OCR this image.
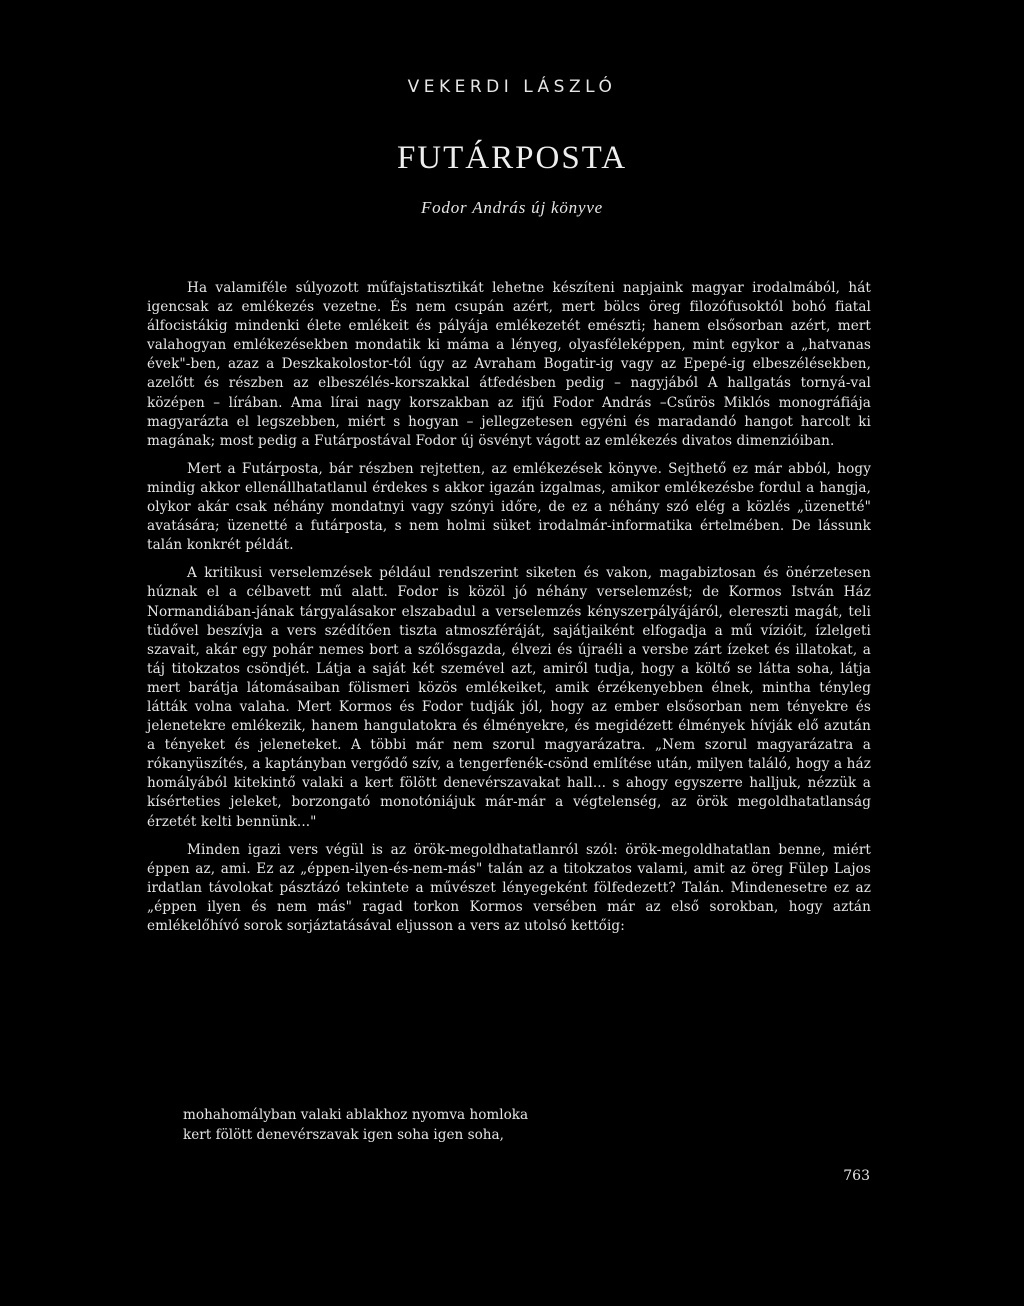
VEKERDI LÁSZLÓ
FUTÁRPOSTA
Fodor András új könyve

Ha valamiféle súlyozott műfajstatisztikát lehetne készíteni napjaink magyar irodalmából, hát igencsak az emlékezés vezetne. És nem csupán azért, mert bölcs öreg filozófusoktól bohó fiatal álfocistákig mindenki élete emlékeit és pályája emlékezetét emészti; hanem elsősorban azért, mert valahogyan emlékezésekben mondatik ki máma a lényeg, olyasféleképpen, mint egykor a „hatvanas évek"-ben, azaz a Deszkakolostor-tól úgy az Avraham Bogatir-ig vagy az Epepé-ig elbeszélésekben, azelőtt és részben az elbeszélés-korszakkal átfedésben pedig – nagyjából A hallgatás tornyá-val középen – lírában. Ama lírai nagy korszakban az ifjú Fodor András –Csűrös Miklós monográfiája magyarázta el legszebben, miért s hogyan – jellegzetesen egyéni és maradandó hangot harcolt ki magának; most pedig a Futárpostával Fodor új ösvényt vágott az emlékezés divatos dimenzióiban.

Mert a Futárposta, bár részben rejtetten, az emlékezések könyve. Sejthető ez már abból, hogy mindig akkor ellenállhatatlanul érdekes s akkor igazán izgalmas, amikor emlékezésbe fordul a hangja, olykor akár csak néhány mondatnyi vagy szónyi időre, de ez a néhány szó elég a közlés „üzenetté" avatására; üzenetté a futárposta, s nem holmi süket irodalmár-informatika értelmében. De lássunk talán konkrét példát.

A kritikusi verselemzések például rendszerint siketen és vakon, magabiztosan és önérzetesen húznak el a célbavett mű alatt. Fodor is közöl jó néhány verselemzést; de Kormos István Ház Normandiában-jának tárgyalásakor elszabadul a verselemzés kényszerpályájáról, elereszti magát, teli tüdővel beszívja a vers szédítően tiszta atmoszféráját, sajátjaiként elfogadja a mű vízióit, ízlelgeti szavait, akár egy pohár nemes bort a szőlősgazda, élvezi és újraéli a versbe zárt ízeket és illatokat, a táj titokzatos csöndjét. Látja a saját két szemével azt, amiről tudja, hogy a költő se látta soha, látja mert barátja látomásaiban fölismeri közös emlékeiket, amik érzékenyebben élnek, mintha tényleg látták volna valaha. Mert Kormos és Fodor tudják jól, hogy az ember elsősorban nem tényekre és jelenetekre emlékezik, hanem hangulatokra és élményekre, és megidézett élmények hívják elő azután a tényeket és jeleneteket. A többi már nem szorul magyarázatra. „Nem szorul magyarázatra a rókanyüszítés, a kaptányban vergődő szív, a tengerfenék-csönd említése után, milyen találó, hogy a ház homályából kitekintő valaki a kert fölött denevérszavakat hall... s ahogy egyszerre halljuk, nézzük a kísérteties jeleket, borzongató monotóniájuk már-már a végtelenség, az örök megoldhatatlanság érzetét kelti bennünk..."

Minden igazi vers végül is az örök-megoldhatatlanról szól: örök-megoldhatatlan benne, miért éppen az, ami. Ez az „éppen-ilyen-és-nem-más" talán az a titokzatos valami, amit az öreg Fülep Lajos irdatlan távolokat pásztázó tekintete a művészet lényegeként fölfedezett? Talán. Mindenesetre ez az „éppen ilyen és nem más" ragad torkon Kormos versében már az első sorokban, hogy aztán emlékelőhívó sorok sorjáztatásával eljusson a vers az utolsó kettőig:

mohahomályban valaki ablakhoz nyomva homloka
kert fölött denevérszavak igen soha igen soha,
763
